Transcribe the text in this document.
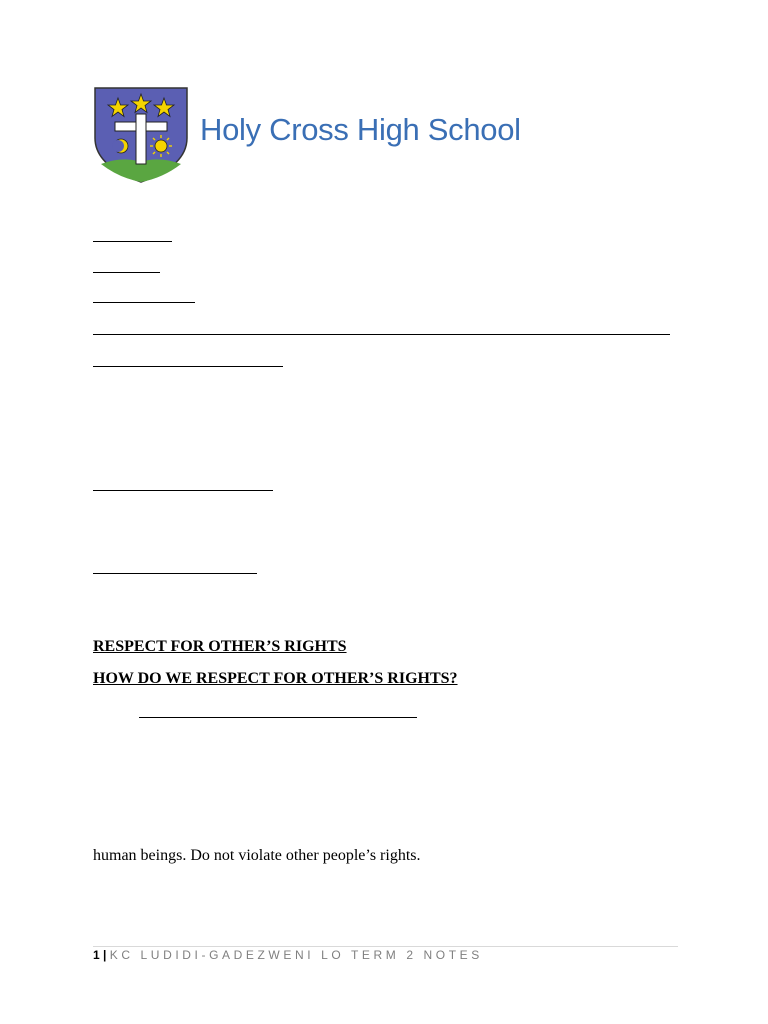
Holy Cross High School
RESPECT FOR OTHER’S RIGHTS
HOW DO WE RESPECT FOR OTHER’S RIGHTS?
human beings. Do not violate other people’s rights.
1 | KC LUDIDI-GADEZWENI LO TERM 2 NOTES
